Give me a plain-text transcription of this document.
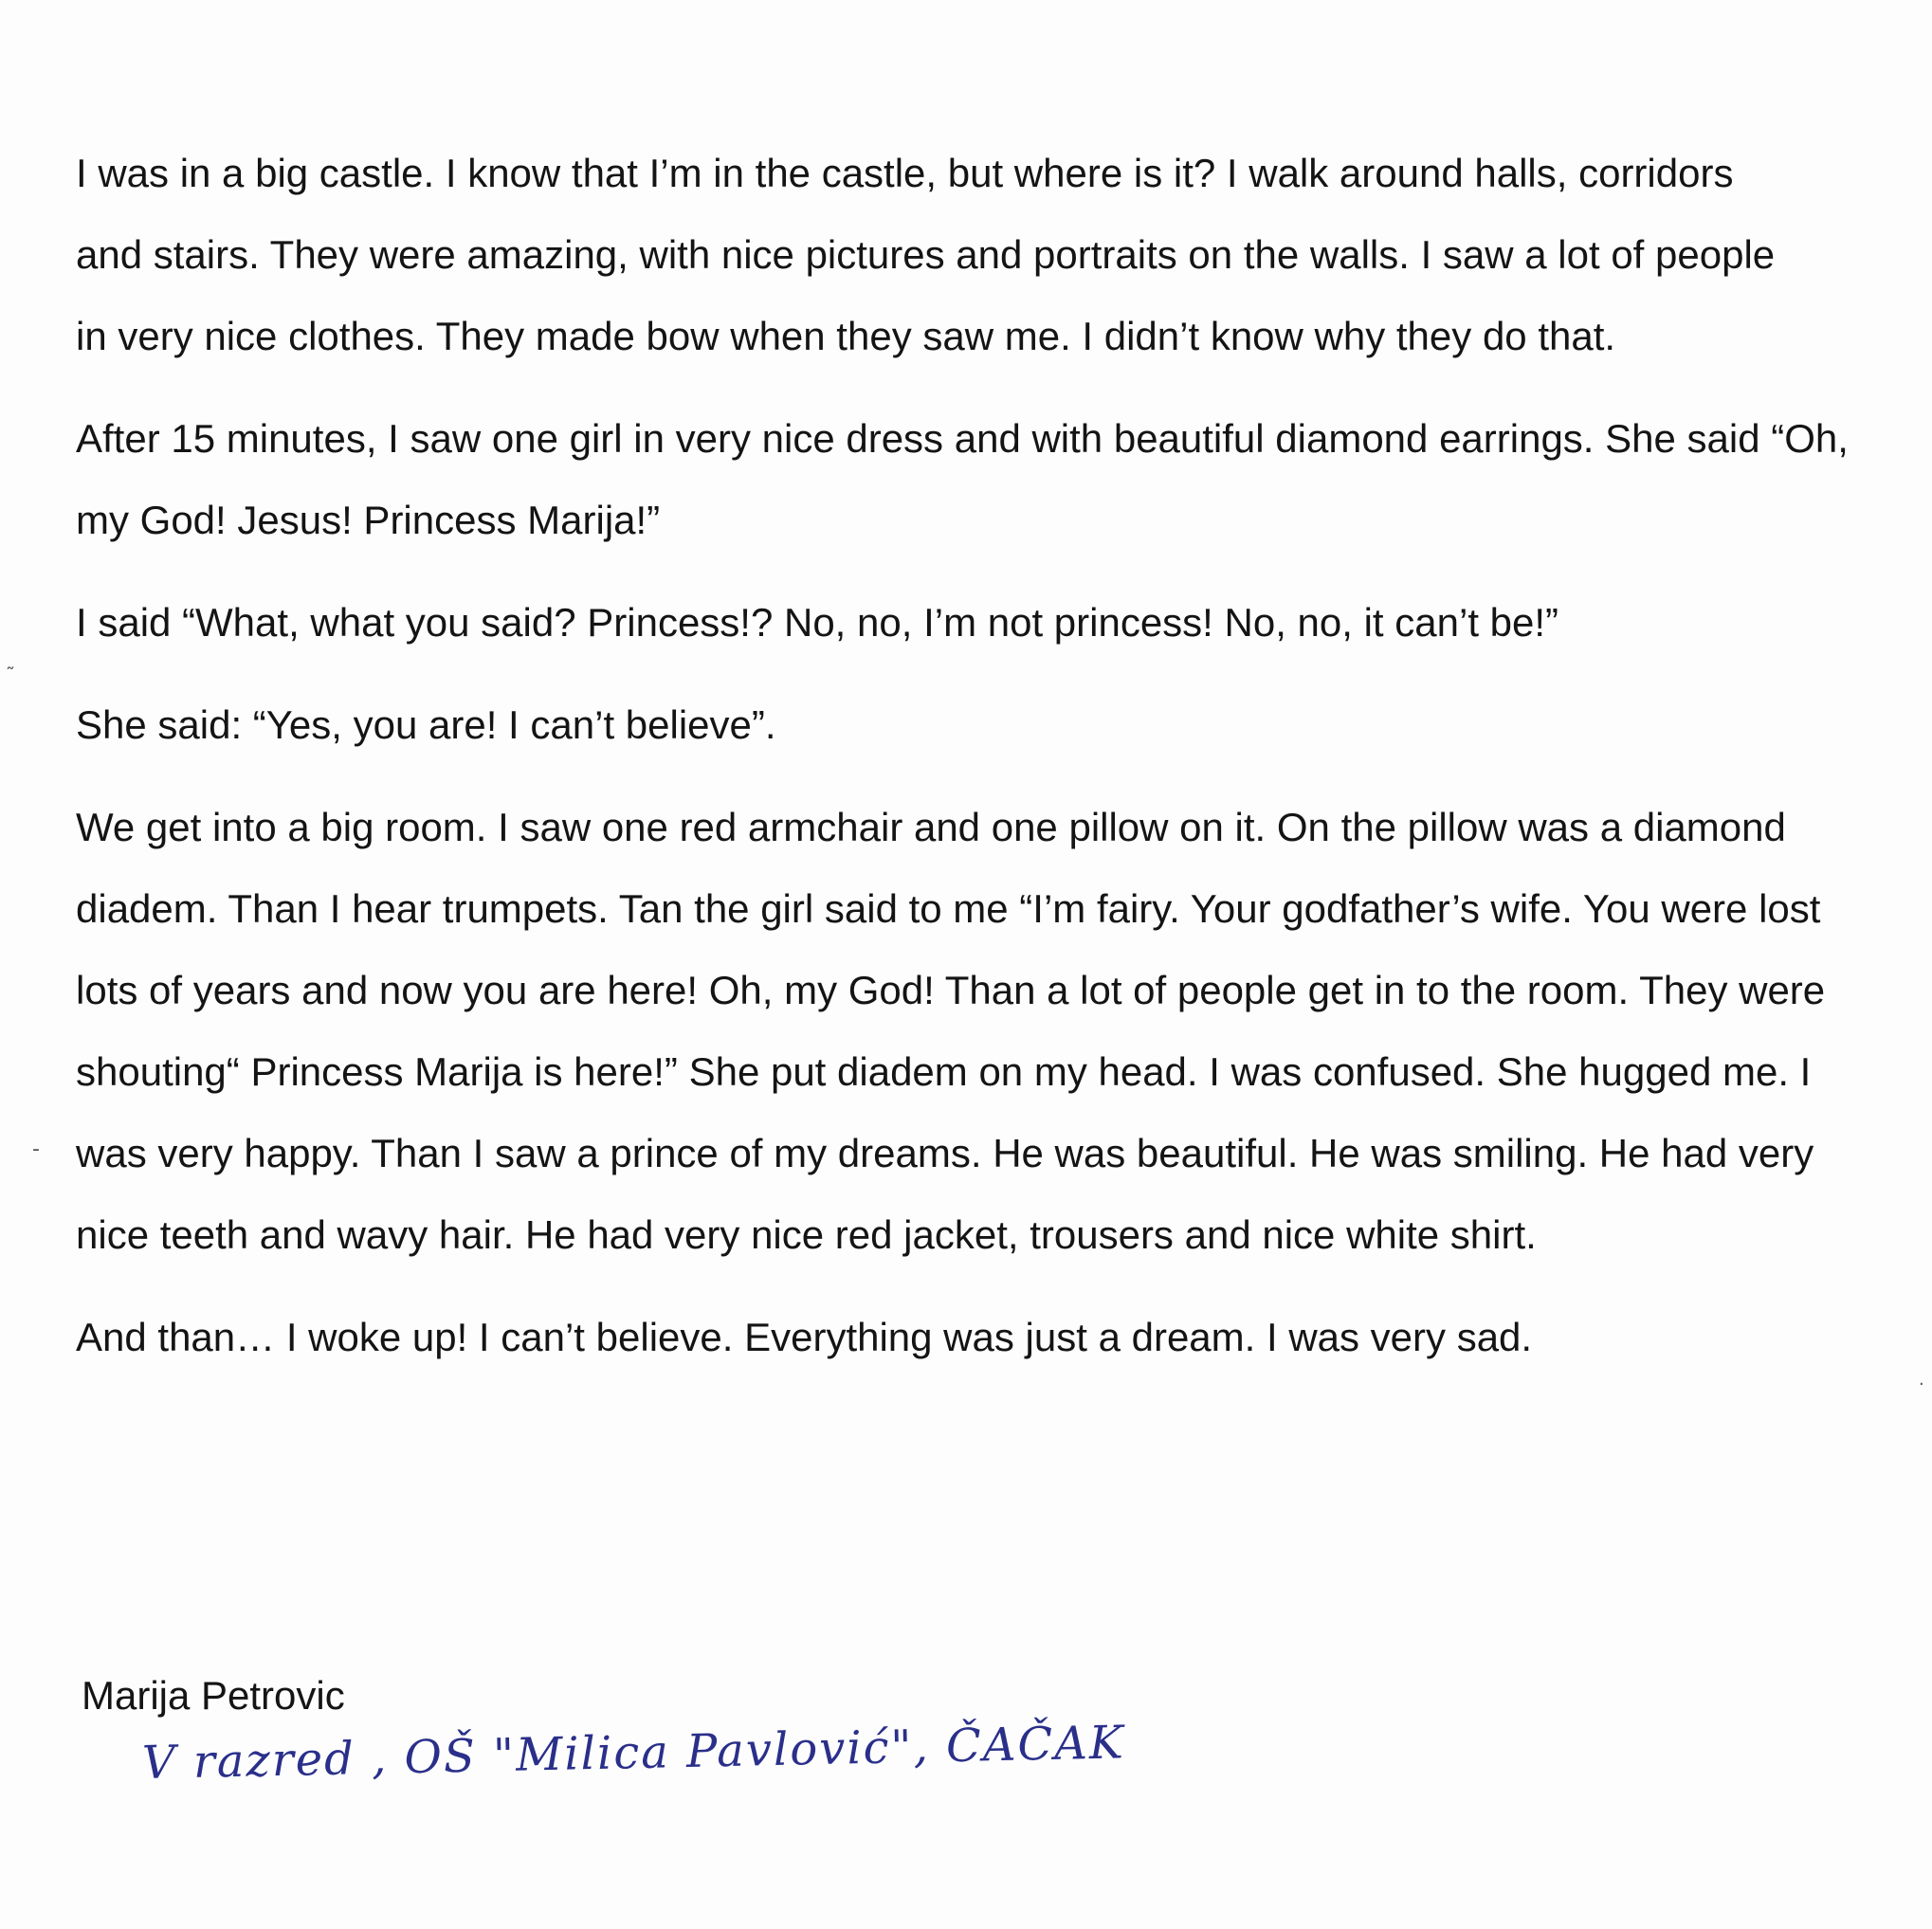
I was in a big castle. I know that I’m in the castle, but where is it? I walk around halls, corridors and stairs. They were amazing, with nice pictures and portraits on the walls. I saw a lot of people in very nice clothes. They made bow when they saw me. I didn’t know why they do that.

After 15 minutes, I saw one girl in very nice dress and with beautiful diamond earrings. She said “Oh, my God! Jesus! Princess Marija!”

I said “What, what you said? Princess!? No, no, I’m not princess! No, no, it can’t be!”

She said: “Yes, you are! I can’t believe”.

We get into a big room. I saw one red armchair and one pillow on it. On the pillow was a diamond diadem. Than I hear trumpets. Tan the girl said to me “I’m fairy. Your godfather’s wife. You were lost lots of years and now you are here! Oh, my God! Than a lot of people get in to the room. They were shouting“ Princess Marija is here!” She put diadem on my head. I was confused. She hugged me. I was very happy. Than I saw a prince of my dreams. He was beautiful. He was smiling. He had very nice teeth and wavy hair. He had very nice red jacket, trousers and nice white shirt.

And than… I woke up! I can’t believe. Everything was just a dream. I was very sad.

Marija Petrovic
V razred , OŠ "Milica Pavlović", ČAČAK
˜
-
·
